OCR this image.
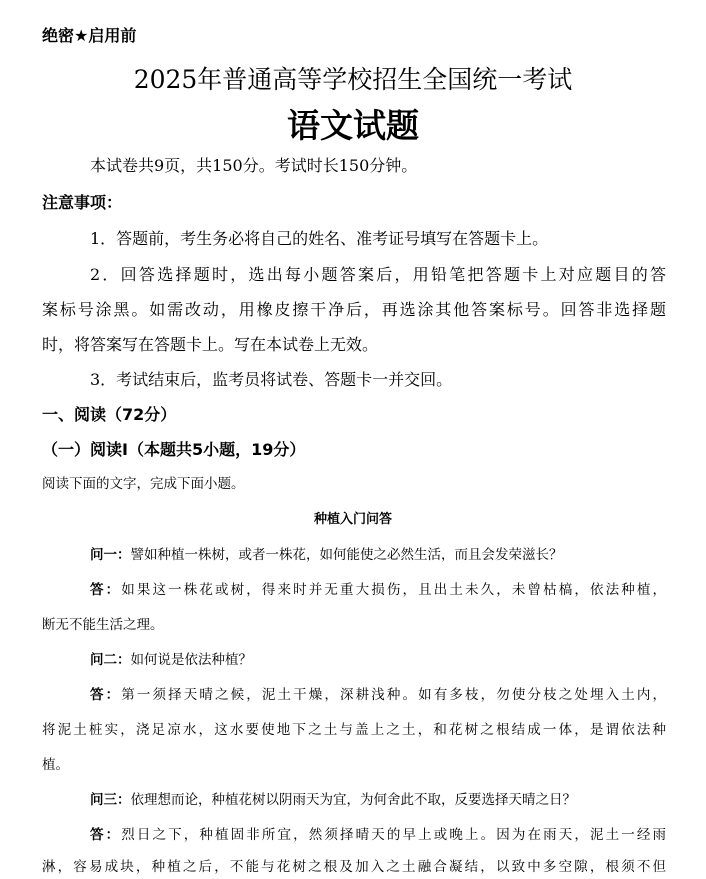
绝密★启用前
2025年普通高等学校招生全国统一考试
语文试题
本试卷共9页，共150分。考试时长150分钟。
注意事项：
1．答题前，考生务必将自己的姓名、准考证号填写在答题卡上。
2．回答选择题时，选出每小题答案后，用铅笔把答题卡上对应题目的答
案标号涂黑。如需改动，用橡皮擦干净后，再选涂其他答案标号。回答非选择题
时，将答案写在答题卡上。写在本试卷上无效。
3．考试结束后，监考员将试卷、答题卡一并交回。
一、阅读（72分）
（一）阅读I（本题共5小题，19分）
阅读下面的文字，完成下面小题。
种植入门问答
问一：譬如种植一株树，或者一株花，如何能使之必然生活，而且会发荣滋长？
答：如果这一株花或树，得来时并无重大损伤，且出土未久，未曾枯槁，依法种植，
断无不能生活之理。
问二：如何说是依法种植？
答：第一须择天晴之候，泥土干燥，深耕浅种。如有多枝，勿使分枝之处埋入土内，
将泥土桩实，浇足凉水，这水要使地下之土与盖上之土，和花树之根结成一体，是谓依法种
植。
问三：依理想而论，种植花树以阴雨天为宜，为何舍此不取，反要选择天晴之日？
答：烈日之下，种植固非所宜，然须择晴天的早上或晚上。因为在雨天，泥土一经雨
淋，容易成块，种植之后，不能与花树之根及加入之土融合凝结，以致中多空隙，根须不但
